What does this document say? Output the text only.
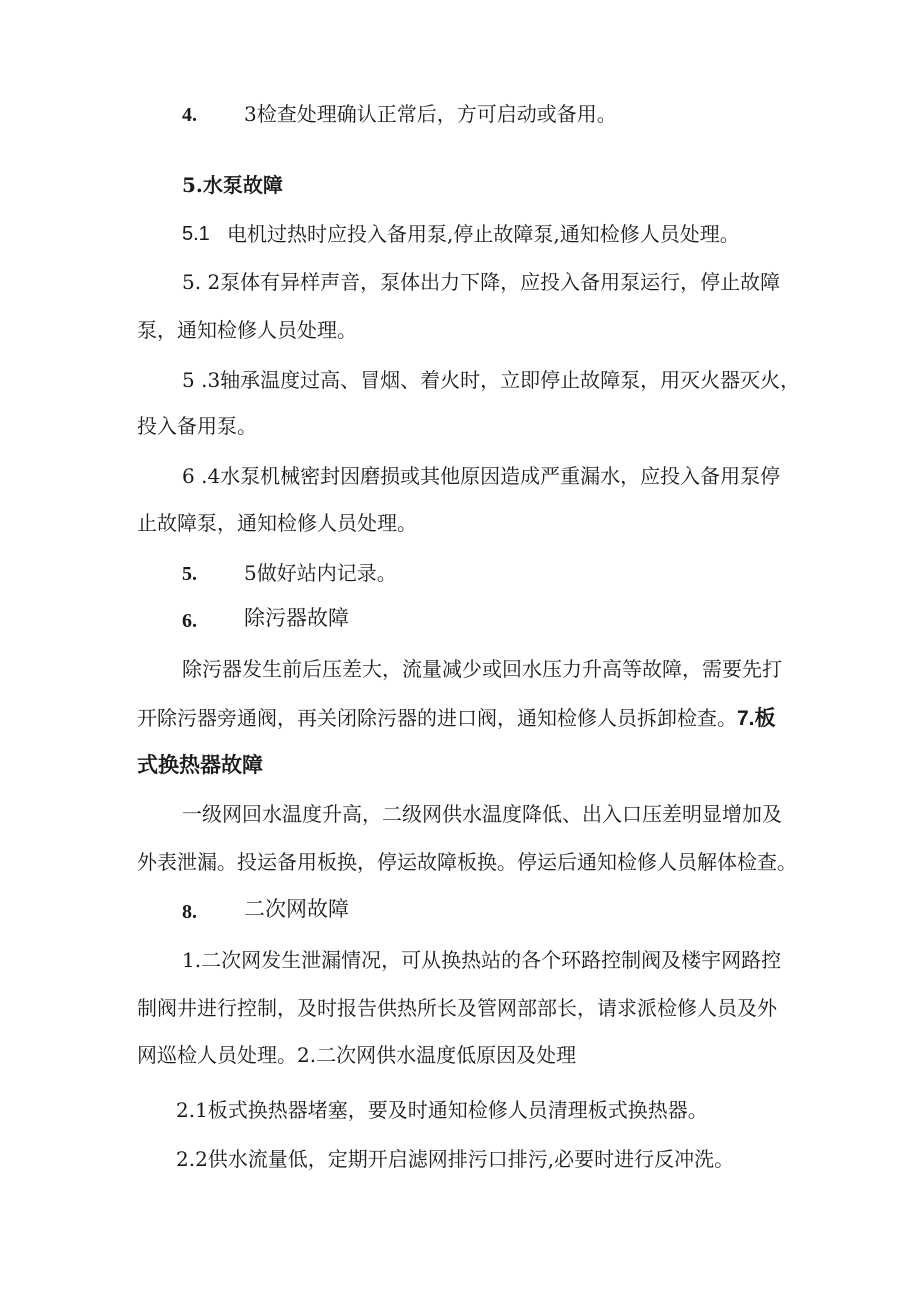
4. 3检查处理确认正常后，方可启动或备用。
5.水泵故障
5.1 电机过热时应投入备用泵,停止故障泵,通知检修人员处理。
5. 2泵体有异样声音，泵体出力下降，应投入备用泵运行，停止故障
泵，通知检修人员处理。
5 .3轴承温度过高、冒烟、着火时，立即停止故障泵，用灭火器灭火，
投入备用泵。
6 .4水泵机械密封因磨损或其他原因造成严重漏水，应投入备用泵停
止故障泵，通知检修人员处理。
5. 5做好站内记录。
6. 除污器故障
除污器发生前后压差大，流量减少或回水压力升高等故障，需要先打
开除污器旁通阀，再关闭除污器的进口阀，通知检修人员拆卸检查。7.板
式换热器故障
一级网回水温度升高，二级网供水温度降低、出入口压差明显增加及
外表泄漏。投运备用板换，停运故障板换。停运后通知检修人员解体检查。
8. 二次网故障
1.二次网发生泄漏情况，可从换热站的各个环路控制阀及楼宇网路控
制阀井进行控制，及时报告供热所长及管网部部长，请求派检修人员及外
网巡检人员处理。2.二次网供水温度低原因及处理
2.1板式换热器堵塞，要及时通知检修人员清理板式换热器。
2.2供水流量低，定期开启滤网排污口排污,必要时进行反冲洗。
